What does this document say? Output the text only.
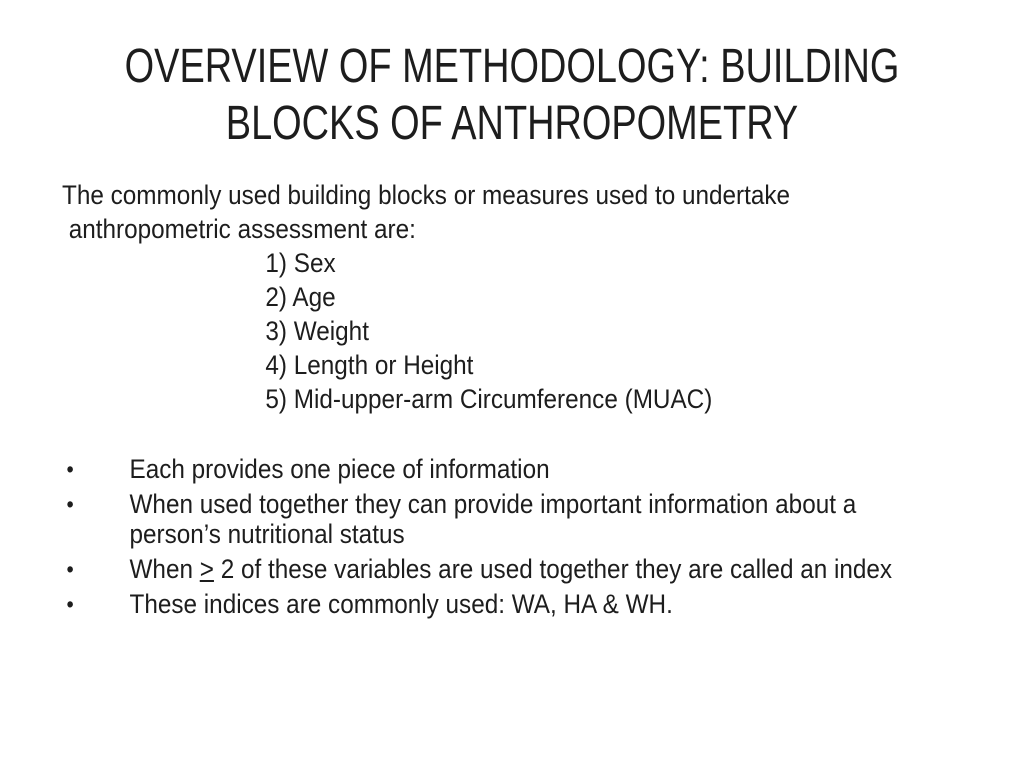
OVERVIEW OF METHODOLOGY: BUILDING
BLOCKS OF ANTHROPOMETRY
The commonly used building blocks or measures used to undertake
anthropometric assessment are:
1) Sex
2) Age
3) Weight
4) Length or Height
5) Mid-upper-arm Circumference (MUAC)
•	Each provides one piece of information
•	When used together they can provide important information about a
person’s nutritional status
•	When > 2 of these variables are used together they are called an index
•	These indices are commonly used: WA, HA & WH.
